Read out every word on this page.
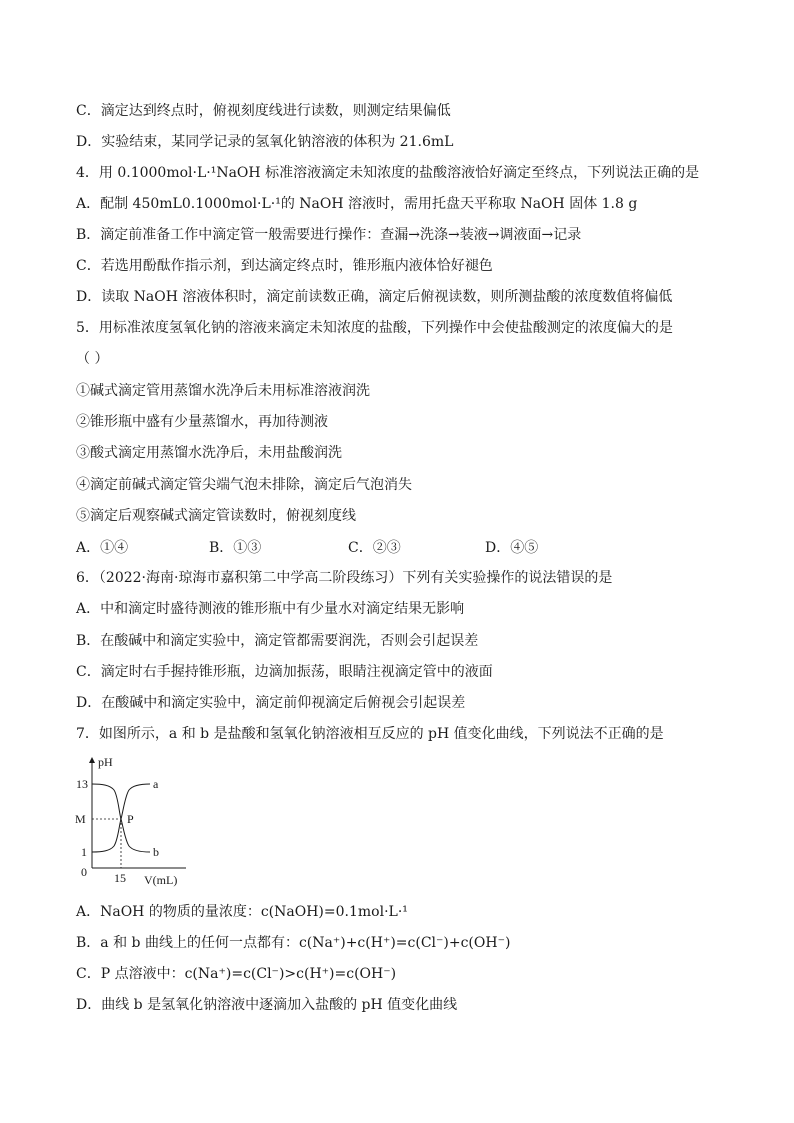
C．滴定达到终点时，俯视刻度线进行读数，则测定结果偏低
D．实验结束，某同学记录的氢氧化钠溶液的体积为 21.6mL
4．用 0.1000mol·L·¹NaOH 标准溶液滴定未知浓度的盐酸溶液恰好滴定至终点，下列说法正确的是
A．配制 450mL0.1000mol·L·¹的 NaOH 溶液时，需用托盘天平称取 NaOH 固体 1.8 g
B．滴定前准备工作中滴定管一般需要进行操作：查漏→洗涤→装液→调液面→记录
C．若选用酚酞作指示剂，到达滴定终点时，锥形瓶内液体恰好褪色
D．读取 NaOH 溶液体积时，滴定前读数正确，滴定后俯视读数，则所测盐酸的浓度数值将偏低
5．用标准浓度氢氧化钠的溶液来滴定未知浓度的盐酸，下列操作中会使盐酸测定的浓度偏大的是
（ ）
①碱式滴定管用蒸馏水洗净后未用标准溶液润洗
②锥形瓶中盛有少量蒸馏水，再加待测液
③酸式滴定用蒸馏水洗净后，未用盐酸润洗
④滴定前碱式滴定管尖端气泡未排除，滴定后气泡消失
⑤滴定后观察碱式滴定管读数时，俯视刻度线
A．①④	B．①③	C．②③	D．④⑤
6．（2022·海南·琼海市嘉积第二中学高二阶段练习）下列有关实验操作的说法错误的是
A．中和滴定时盛待测液的锥形瓶中有少量水对滴定结果无影响
B．在酸碱中和滴定实验中，滴定管都需要润洗，否则会引起误差
C．滴定时右手握持锥形瓶，边滴加振荡，眼睛注视滴定管中的液面
D．在酸碱中和滴定实验中，滴定前仰视滴定后俯视会引起误差
7．如图所示，a 和 b 是盐酸和氢氧化钠溶液相互反应的 pH 值变化曲线，下列说法不正确的是
pH
13
M
1
0 15 V(mL)
P
a
b
A．NaOH 的物质的量浓度：c(NaOH)=0.1mol·L·¹
B．a 和 b 曲线上的任何一点都有：c(Na⁺)+c(H⁺)=c(Cl⁻)+c(OH⁻)
C．P 点溶液中：c(Na⁺)=c(Cl⁻)>c(H⁺)=c(OH⁻)
D．曲线 b 是氢氧化钠溶液中逐滴加入盐酸的 pH 值变化曲线
